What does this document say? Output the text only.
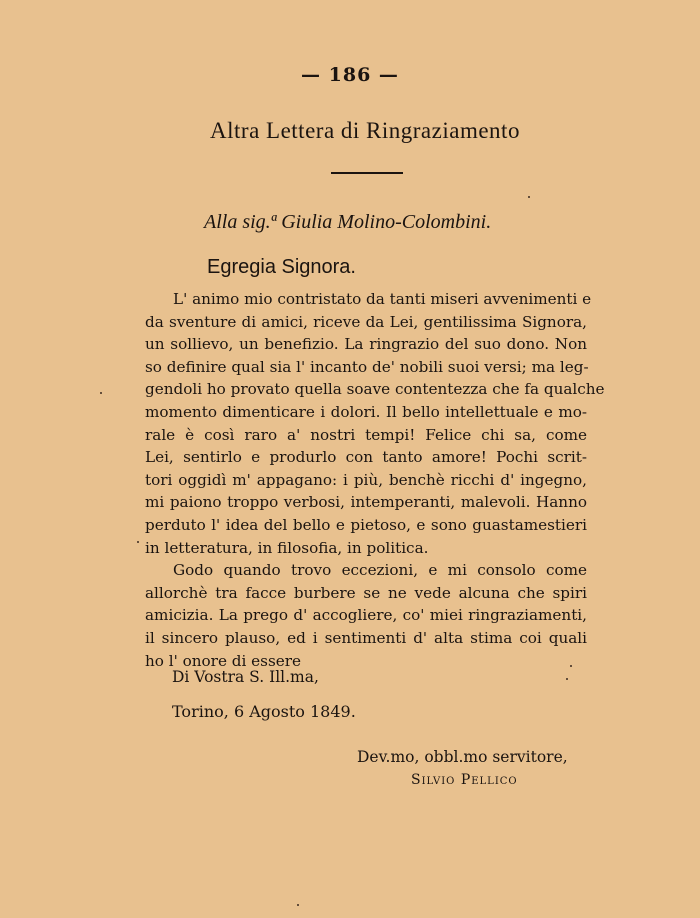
— 186 —
Altra Lettera di Ringraziamento
Alla sig.ª Giulia Molino-Colombini.
Egregia Signora.
L' animo mio contristato da tanti miseri avvenimenti e
da sventure di amici, riceve da Lei, gentilissima Signora,
un sollievo, un benefizio. La ringrazio del suo dono. Non
so definire qual sia l' incanto de' nobili suoi versi; ma leg-
gendoli ho provato quella soave contentezza che fa qualche
momento dimenticare i dolori. Il bello intellettuale e mo-
rale è così raro a' nostri tempi! Felice chi sa, come
Lei, sentirlo e produrlo con tanto amore! Pochi scrit-
tori oggidì m' appagano: i più, benchè ricchi d' ingegno,
mi paiono troppo verbosi, intemperanti, malevoli. Hanno
perduto l' idea del bello e pietoso, e sono guastamestieri
in letteratura, in filosofia, in politica.
Godo quando trovo eccezioni, e mi consolo come
allorchè tra facce burbere se ne vede alcuna che spiri
amicizia. La prego d' accogliere, co' miei ringraziamenti,
il sincero plauso, ed i sentimenti d' alta stima coi quali
ho l' onore di essere
Di Vostra S. Ill.ma,
Torino, 6 Agosto 1849.
Dev.mo, obbl.mo servitore,
Silvio Pellico
